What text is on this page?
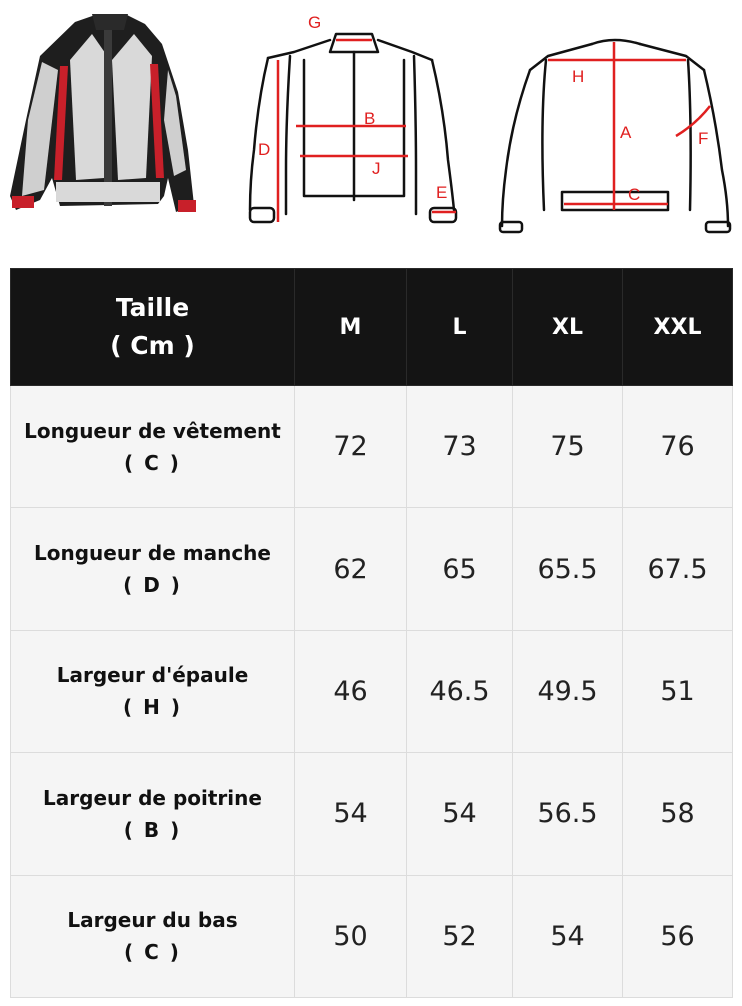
G
B
D
J
E
H
A	F
C
Taille
( Cm )	M	L	XL	XXL

Longueur de vêtement
( C )	72	73	75	76

Longueur de manche
( D )	62	65	65.5	67.5

Largeur d'épaule
( H )	46	46.5	49.5	51

Largeur de poitrine
( B )	54	54	56.5	58

Largeur du bas
( C )	50	52	54	56
